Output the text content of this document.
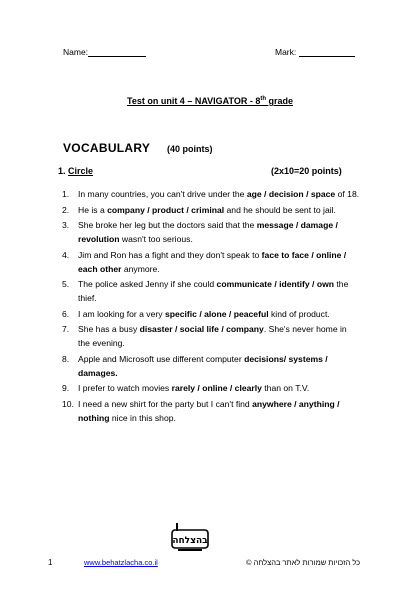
Name:	Mark:
Test on unit 4 – NAVIGATOR - 8th grade
VOCABULARY (40 points)
1. Circle	(2x10=20 points)
1. In many countries, you can't drive under the age / decision / space of 18.
2. He is a company / product / criminal and he should be sent to jail.
3. She broke her leg but the doctors said that the message / damage / revolution wasn't too serious.
4. Jim and Ron has a fight and they don't speak to face to face / online / each other anymore.
5. The police asked Jenny if she could communicate / identify / own the thief.
6. I am looking for a very specific / alone / peaceful kind of product.
7. She has a busy disaster / social life / company. She's never home in the evening.
8. Apple and Microsoft use different computer decisions/ systems / damages.
9. I prefer to watch movies rarely / online / clearly than on T.V.
10. I need a new shirt for the party but I can't find anywhere / anything / nothing nice in this shop.
בהצלחה
1	www.behatzlacha.co.il	כל הזכויות שמורות לאתר בהצלחה ©
